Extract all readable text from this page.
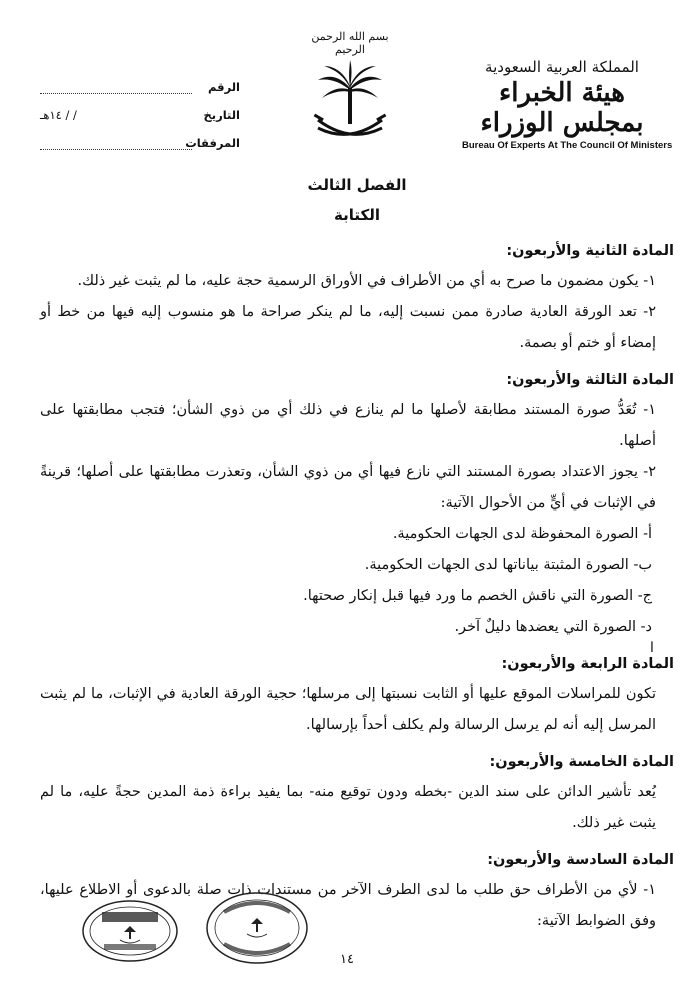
المملكة العربية السعودية
هيئة الخبراء بمجلس الوزراء
Bureau Of Experts At The Council Of Ministers
بسم الله الرحمن الرحيم
الرقم
التاريخ
/ / ١٤هـ
المرفقات
الفصل الثالث
الكتابة
المادة الثانية والأربعون:

١- يكون مضمون ما صرح به أي من الأطراف في الأوراق الرسمية حجة عليه، ما لم يثبت غير ذلك.

٢- تعد الورقة العادية صادرة ممن نسبت إليه، ما لم ينكر صراحة ما هو منسوب إليه فيها من خط أو إمضاء أو ختم أو بصمة.

المادة الثالثة والأربعون:

١- تُعَدُّ صورة المستند مطابقة لأصلها ما لم ينازع في ذلك أي من ذوي الشأن؛ فتجب مطابقتها على أصلها.

٢- يجوز الاعتداد بصورة المستند التي نازع فيها أي من ذوي الشأن، وتعذرت مطابقتها على أصلها؛ قرينةً في الإثبات في أيٍّ من الأحوال الآتية:

أ- الصورة المحفوظة لدى الجهات الحكومية.

ب- الصورة المثبتة بياناتها لدى الجهات الحكومية.

ج- الصورة التي ناقش الخصم ما ورد فيها قبل إنكار صحتها.

د- الصورة التي يعضدها دليلٌ آخر.

المادة الرابعة والأربعون:

تكون للمراسلات الموقع عليها أو الثابت نسبتها إلى مرسلها؛ حجية الورقة العادية في الإثبات، ما لم يثبت المرسل إليه أنه لم يرسل الرسالة ولم يكلف أحداً بإرسالها.

المادة الخامسة والأربعون:

يُعد تأشير الدائن على سند الدين -بخطه ودون توقيع منه- بما يفيد براءة ذمة المدين حجةً عليه، ما لم يثبت غير ذلك.

المادة السادسة والأربعون:

١- لأي من الأطراف حق طلب ما لدى الطرف الآخر من مستندات ذات صلة بالدعوى أو الاطلاع عليها، وفق الضوابط الآتية:

ا
١٤
